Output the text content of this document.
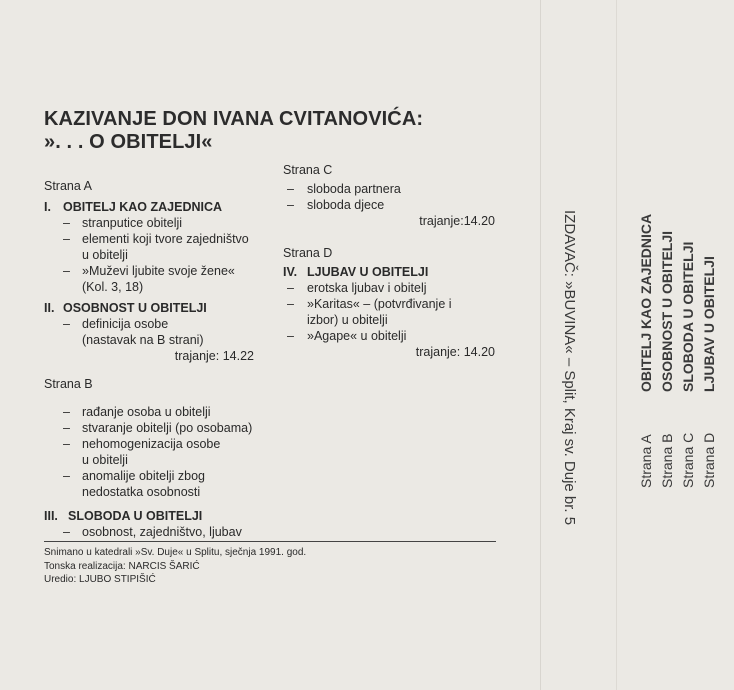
KAZIVANJE DON IVANA CVITANOVIĆA:
». . . O OBITELJI«
Strana A
I. OBITELJ KAO ZAJEDNICA
– stranputice obitelji
– elementi koji tvore zajedništvo
u obitelji
– »Muževi ljubite svoje žene«
(Kol. 3, 18)
II. OSOBNOST U OBITELJI
– definicija osobe
(nastavak na B strani)
trajanje: 14.22
Strana B
– rađanje osoba u obitelji
– stvaranje obitelji (po osobama)
– nehomogenizacija osobe
u obitelji
– anomalije obitelji zbog
nedostatka osobnosti
III. SLOBODA U OBITELJI
– osobnost, zajedništvo, ljubav
Strana C
– sloboda partnera
– sloboda djece
trajanje:14.20
Strana D
IV. LJUBAV U OBITELJI
– erotska ljubav i obitelj
– »Karitas« – (potvrđivanje i
izbor) u obitelji
– »Agape« u obitelji
trajanje: 14.20
Snimano u katedrali »Sv. Duje« u Splitu, sječnja 1991. god.
Tonska realizacija: NARCIS ŠARIĆ
Uredio: LJUBO STIPIŠIĆ
IZDAVAČ: »BUVINA« – Split, Kraj sv. Duje br. 5	Strana A
OBITELJ KAO ZAJEDNICA
Strana B
OSOBNOST U OBITELJI
Strana C
SLOBODA U OBITELJI
Strana D
LJUBAV U OBITELJI
